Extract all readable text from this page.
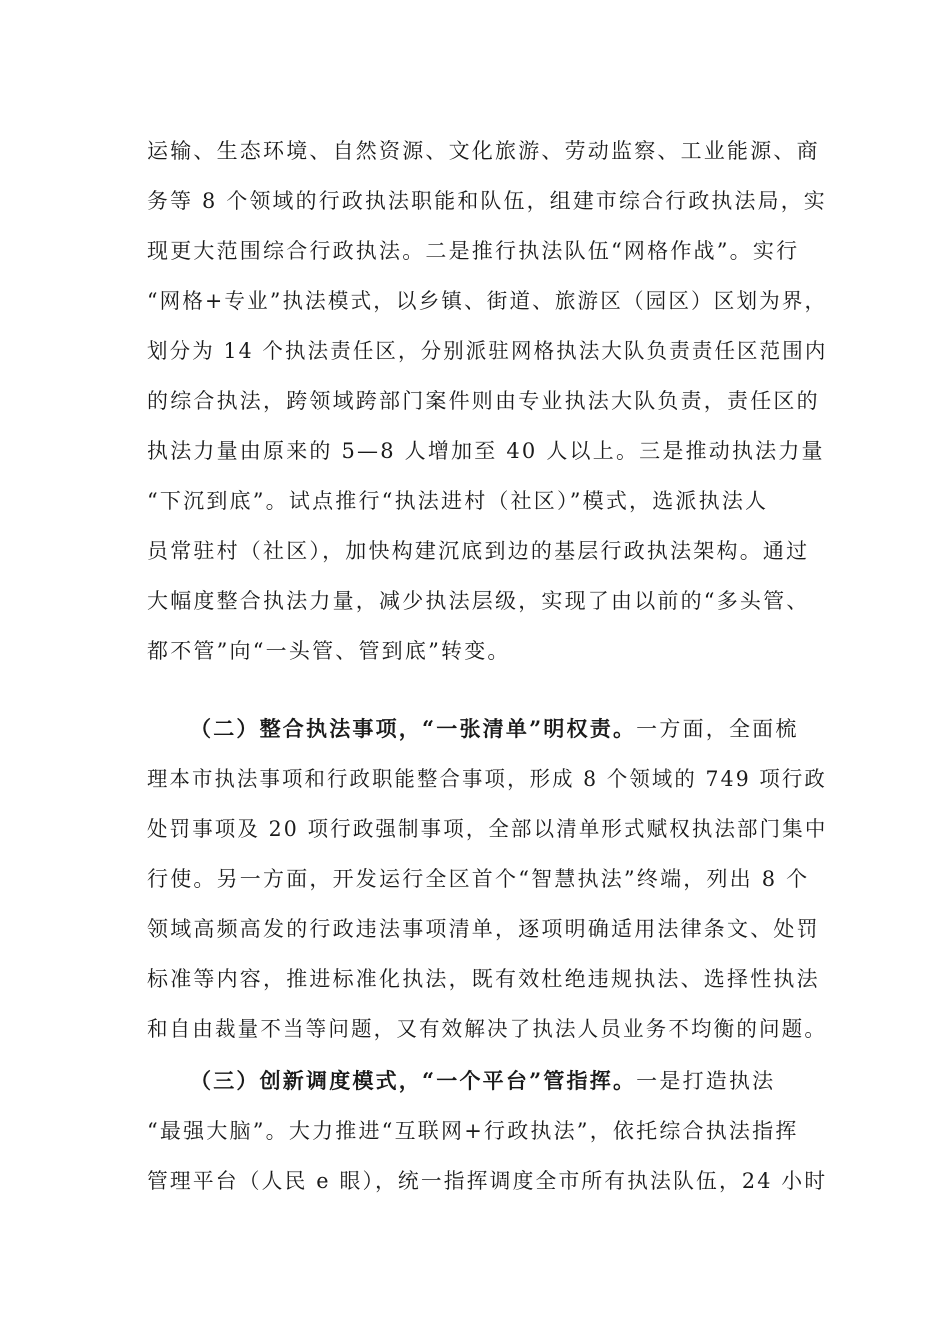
运输、生态环境、自然资源、文化旅游、劳动监察、工业能源、商
务等 8 个领域的行政执法职能和队伍，组建市综合行政执法局，实
现更大范围综合行政执法。二是推行执法队伍“网格作战”。实行
“网格+专业”执法模式，以乡镇、街道、旅游区（园区）区划为界，
划分为 14 个执法责任区，分别派驻网格执法大队负责责任区范围内
的综合执法，跨领域跨部门案件则由专业执法大队负责，责任区的
执法力量由原来的 5—8 人增加至 40 人以上。三是推动执法力量
“下沉到底”。试点推行“执法进村（社区）”模式，选派执法人
员常驻村（社区），加快构建沉底到边的基层行政执法架构。通过
大幅度整合执法力量，减少执法层级，实现了由以前的“多头管、
都不管”向“一头管、管到底”转变。
（二）整合执法事项，“一张清单”明权责。一方面，全面梳
理本市执法事项和行政职能整合事项，形成 8 个领域的 749 项行政
处罚事项及 20 项行政强制事项，全部以清单形式赋权执法部门集中
行使。另一方面，开发运行全区首个“智慧执法”终端，列出 8 个
领域高频高发的行政违法事项清单，逐项明确适用法律条文、处罚
标准等内容，推进标准化执法，既有效杜绝违规执法、选择性执法
和自由裁量不当等问题，又有效解决了执法人员业务不均衡的问题。
（三）创新调度模式，“一个平台”管指挥。一是打造执法
“最强大脑”。大力推进“互联网+行政执法”，依托综合执法指挥
管理平台（人民 e 眼），统一指挥调度全市所有执法队伍，24 小时
